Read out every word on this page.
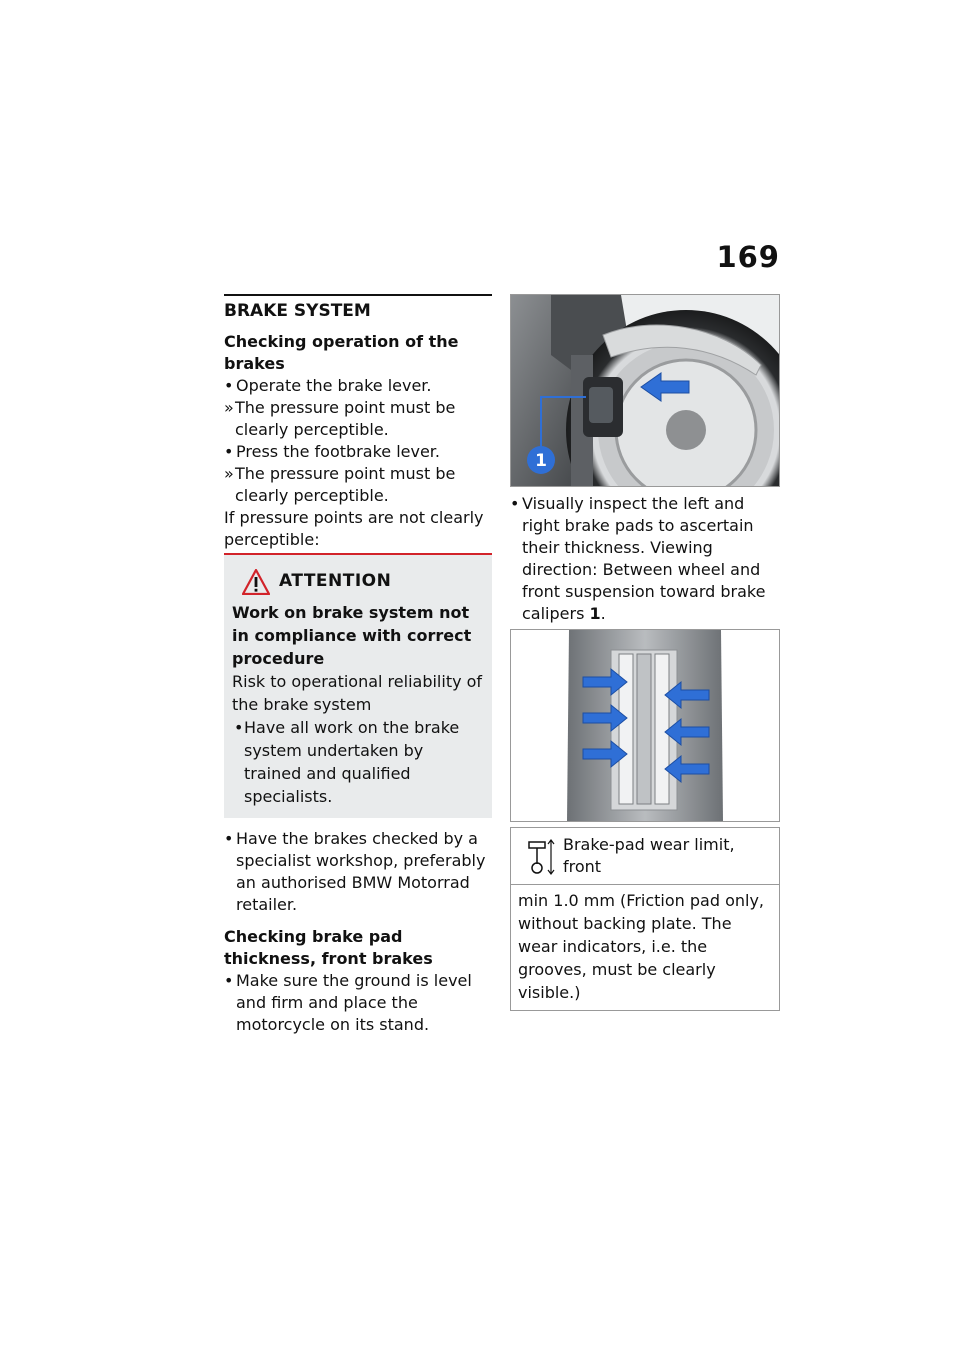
169
BRAKE SYSTEM
Checking operation of the brakes
• Operate the brake lever.
» The pressure point must be clearly perceptible.
• Press the footbrake lever.
» The pressure point must be clearly perceptible.

If pressure points are not clearly perceptible:

ATTENTION
Work on brake system not in compliance with correct procedure
Risk to operational reliability of the brake system
• Have all work on the brake system undertaken by trained and qualified specialists.
• Have the brakes checked by a specialist workshop, preferably an authorised BMW Motorrad retailer.
Checking brake pad thickness, front brakes
• Make sure the ground is level and firm and place the motorcycle on its stand.
1
• Visually inspect the left and right brake pads to ascertain their thickness. Viewing direction: Between wheel and front suspension toward brake calipers 1.
Brake-pad wear limit, front
min 1.0 mm (Friction pad only, without backing plate. The wear indicators, i.e. the grooves, must be clearly visible.)
